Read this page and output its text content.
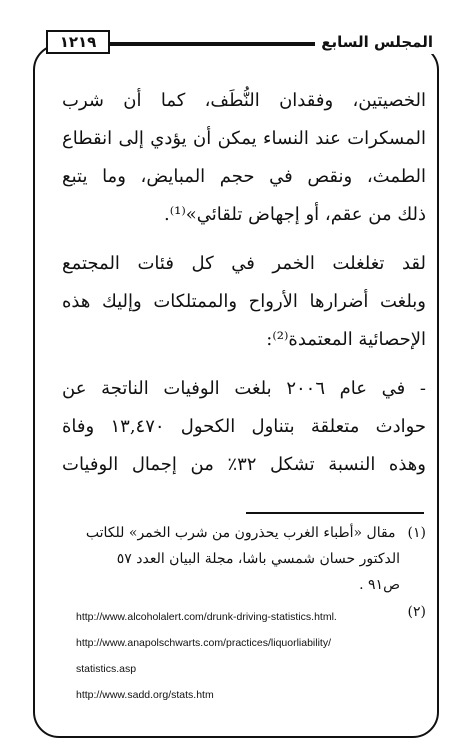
١٢١٩	المجلس السابع

الخصيتين، وفقدان النُّطَف، كما أن شرب

المسكرات عند النساء يمكن أن يؤدي إلى انقطاع

الطمث، ونقص في حجم المبايض، وما يتبع

ذلك من عقم، أو إجهاض تلقائي»⁽¹⁾.

لقد تغلغلت الخمر في كل فئات المجتمع

وبلغت أضرارها الأرواح والممتلكات وإليك هذه

الإحصائية المعتمدة⁽²⁾:

- في عام ٢٠٠٦ بلغت الوفيات الناتجة عن

حوادث متعلقة بتناول الكحول ١٣,٤٧٠ وفاة

وهذه النسبة تشكل ٣٢٪ من إجمال الوفيات

(١) مقال «أطباء الغرب يحذرون من شرب الخمر» للكاتب
الدكتور حسان شمسي باشا، مجلة البيان العدد ٥٧
ص٩١ .
(٢)
http://www.alcoholalert.com/drunk-driving-statistics.html.
http://www.anapolschwarts.com/practices/liquorliability/
statistics.asp
http://www.sadd.org/stats.htm
